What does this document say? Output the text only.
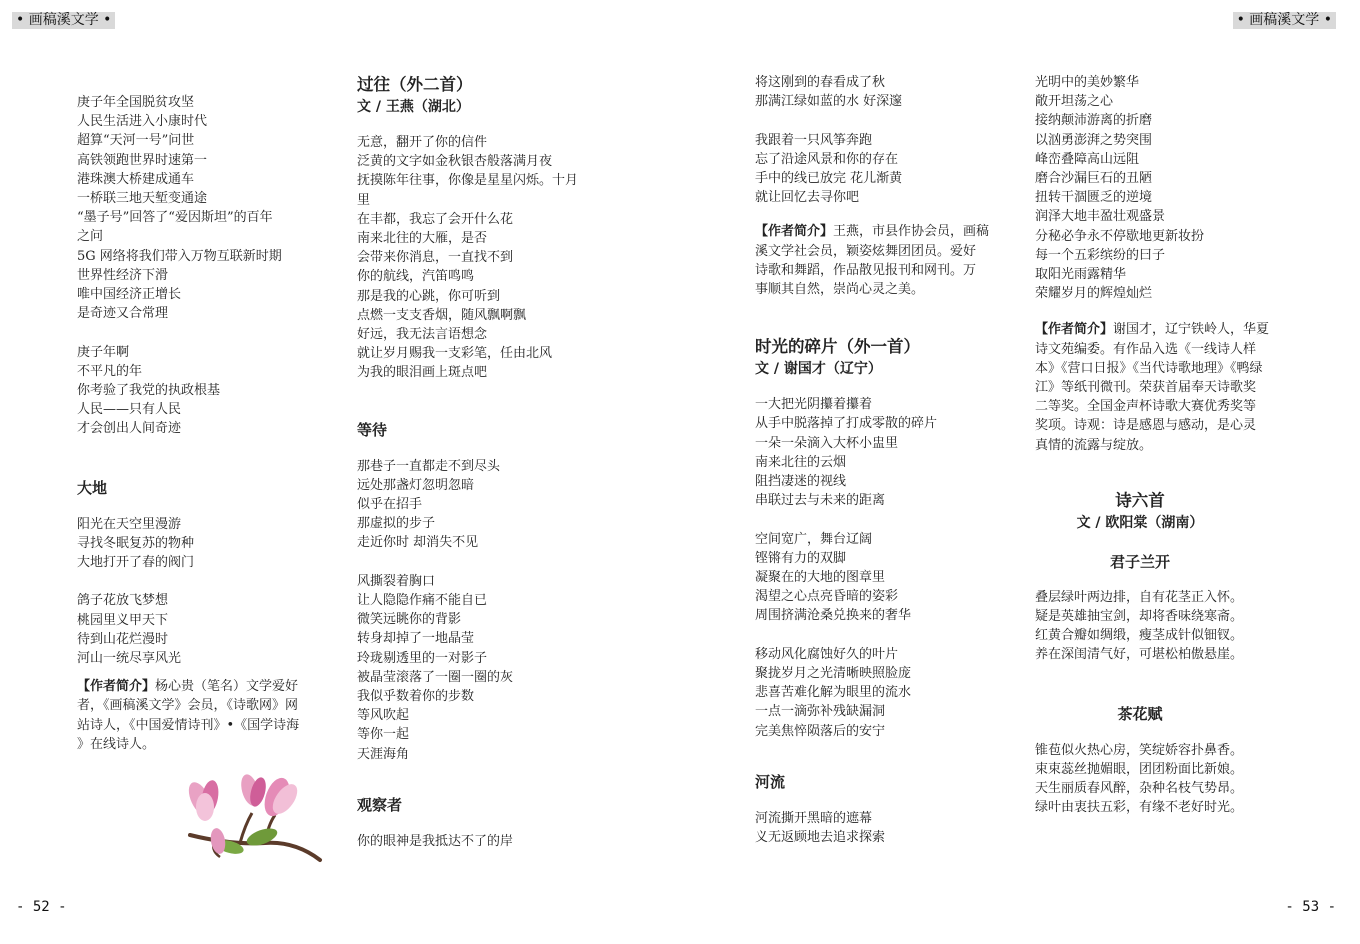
• 画稿溪文学 •	• 画稿溪文学 •
庚子年全国脱贫攻坚
人民生活进入小康时代
超算“天河一号”问世
高铁领跑世界时速第一
港珠澳大桥建成通车
一桥联三地天堑变通途
“墨子号”回答了“爱因斯坦”的百年
之问
5G 网络将我们带入万物互联新时期
世界性经济下滑
唯中国经济正增长
是奇迹又合常理
庚子年啊
不平凡的年
你考验了我党的执政根基
人民——只有人民
才会创出人间奇迹
大地
阳光在天空里漫游
寻找冬眠复苏的物种
大地打开了春的阀门
鸽子花放飞梦想
桃园里义甲天下
待到山花烂漫时
河山一统尽享风光
【作者简介】杨心贵（笔名）文学爱好
者，《画稿溪文学》会员，《诗歌网》网
站诗人，《中国爱情诗刊》•《国学诗海
》在线诗人。
过往（外二首）
文 / 王燕（湖北）
无意，翻开了你的信件
泛黄的文字如金秋银杏般落满月夜
抚摸陈年往事，你像是星星闪烁。十月
里
在丰都，我忘了会开什么花
南来北往的大雁，是否
会带来你消息，一直找不到
你的航线，汽笛鸣鸣
那是我的心跳，你可听到
点燃一支支香烟，随风飘啊飘
好远，我无法言语想念
就让岁月赐我一支彩笔，任由北风
为我的眼泪画上斑点吧
等待
那巷子一直都走不到尽头
远处那盏灯忽明忽暗
似乎在招手
那虚拟的步子
走近你时 却消失不见
风撕裂着胸口
让人隐隐作痛不能自已
微笑远眺你的背影
转身却掉了一地晶莹
玲珑剔透里的一对影子
被晶莹滚落了一圈一圈的灰
我似乎数着你的步数
等风吹起
等你一起
天涯海角
观察者
你的眼神是我抵达不了的岸
将这刚到的春看成了秋
那满江绿如蓝的水 好深邃
我跟着一只风筝奔跑
忘了沿途风景和你的存在
手中的线已放完 花儿渐黄
就让回忆去寻你吧
【作者简介】王燕，市县作协会员，画稿
溪文学社会员，颖姿炫舞团团员。爱好
诗歌和舞蹈，作品散见报刊和网刊。万
事顺其自然，崇尚心灵之美。
时光的碎片（外一首）
文 / 谢国才（辽宁）
一大把光阴攥着攥着
从手中脱落掉了打成零散的碎片
一朵一朵滴入大杯小盅里
南来北往的云烟
阻挡凄迷的视线
串联过去与未来的距离
空间宽广，舞台辽阔
铿锵有力的双脚
凝聚在的大地的图章里
渴望之心点亮昏暗的姿彩
周围挤满沧桑兑换来的奢华
移动风化腐蚀好久的叶片
聚拢岁月之光清晰映照脸庞
悲喜苦难化解为眼里的流水
一点一滴弥补残缺漏洞
完美焦悴陨落后的安宁
河流
河流撕开黑暗的遮幕
义无返顾地去追求探索
光明中的美妙繁华
敞开坦荡之心
接纳颠沛游离的折磨
以汹勇澎湃之势突围
峰峦叠障高山远阻
磨合沙漏巨石的丑陋
扭转干涸匮乏的逆境
润泽大地丰盈壮观盛景
分秘必争永不停歇地更新妆扮
每一个五彩缤纷的曰子
取阳光雨露精华
荣耀岁月的辉煌灿烂
【作者简介】谢国才，辽宁铁岭人，华夏
诗文苑编委。有作品入选《一线诗人样
本》《营口日报》《当代诗歌地理》《鸭绿
江》等纸刊微刊。荣获首届奉天诗歌奖
二等奖。全国金声杯诗歌大赛优秀奖等
奖项。诗观：诗是感恩与感动，是心灵
真情的流露与绽放。
诗六首
文 / 欧阳棠（湖南）
君子兰开
叠层绿叶两边排，自有花茎正入怀。
疑是英雄抽宝剑，却将香味绕寒斋。
红黄合瓣如绸缎，瘦茎成针似钿钗。
养在深闺清气好，可堪松柏傲悬崖。
茶花赋
锥苞似火热心房，笑绽娇容扑鼻香。
束束蕊丝抛媚眼，团团粉面比新娘。
天生丽质春风醉，杂种名枝气势昂。
绿叶由衷扶五彩，有缘不老好时光。
- 52 -	- 53 -
